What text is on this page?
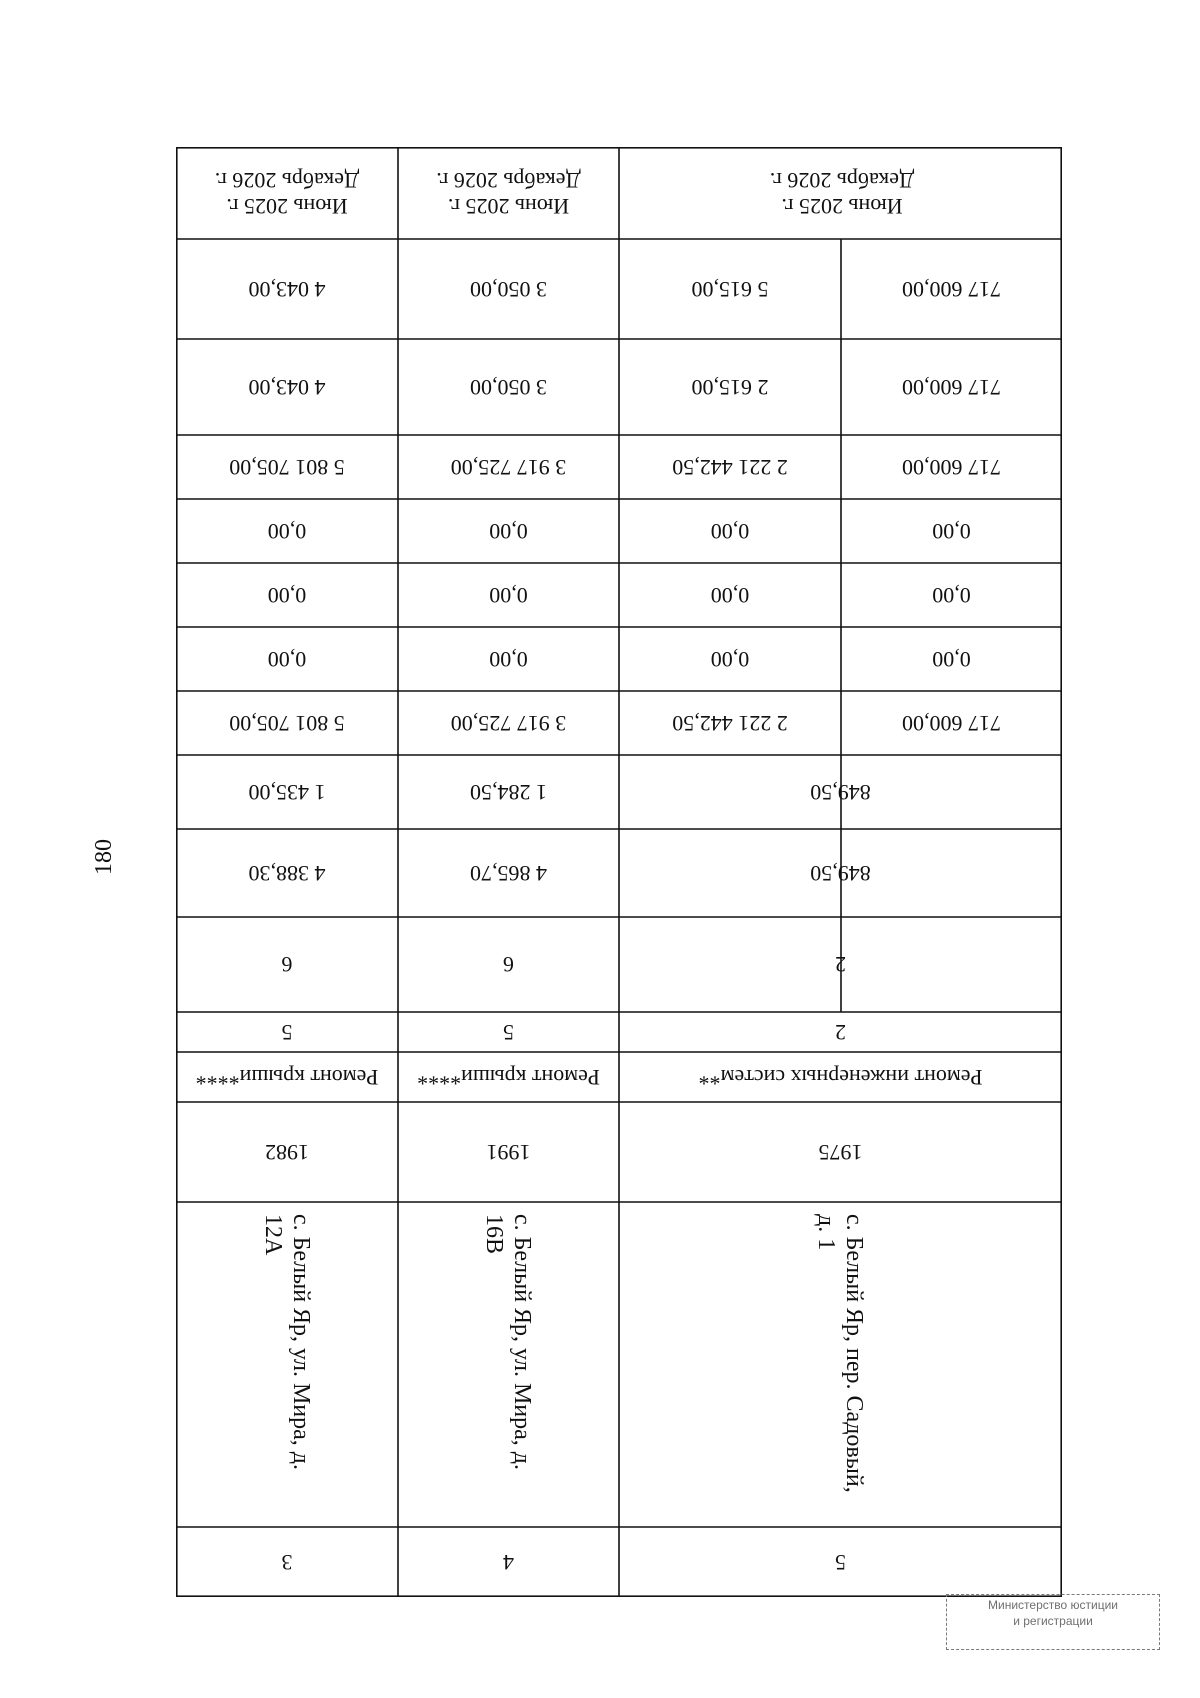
180
5
с. Белый Яр, пер. Садовый, д. 1
1975
Ремонт инженерных систем**
2
2
849,50
849,50
717 600,00
2 221 442,50
0,00
0,00
0,00
0,00
0,00
0,00
717 600,00
2 221 442,50
717 600,00
2 615,00
717 600,00
5 615,00
Июнь 2025 г. Декабрь 2026 г.
4
с. Белый Яр, ул. Мира, д. 16В
1991
Ремонт крыши****
5
6
4 865,70
1 284,50
3 917 725,00
0,00
0,00
0,00
3 917 725,00
3 050,00
3 050,00
Июнь 2025 г. Декабрь 2026 г.
3
с. Белый Яр, ул. Мира, д. 12А
1982
Ремонт крыши****
5
6
4 388,30
1 435,00
5 801 705,00
0,00
0,00
0,00
5 801 705,00
4 043,00
4 043,00
Июнь 2025 г. Декабрь 2026 г.
Министерство юстиции
и регистрации
